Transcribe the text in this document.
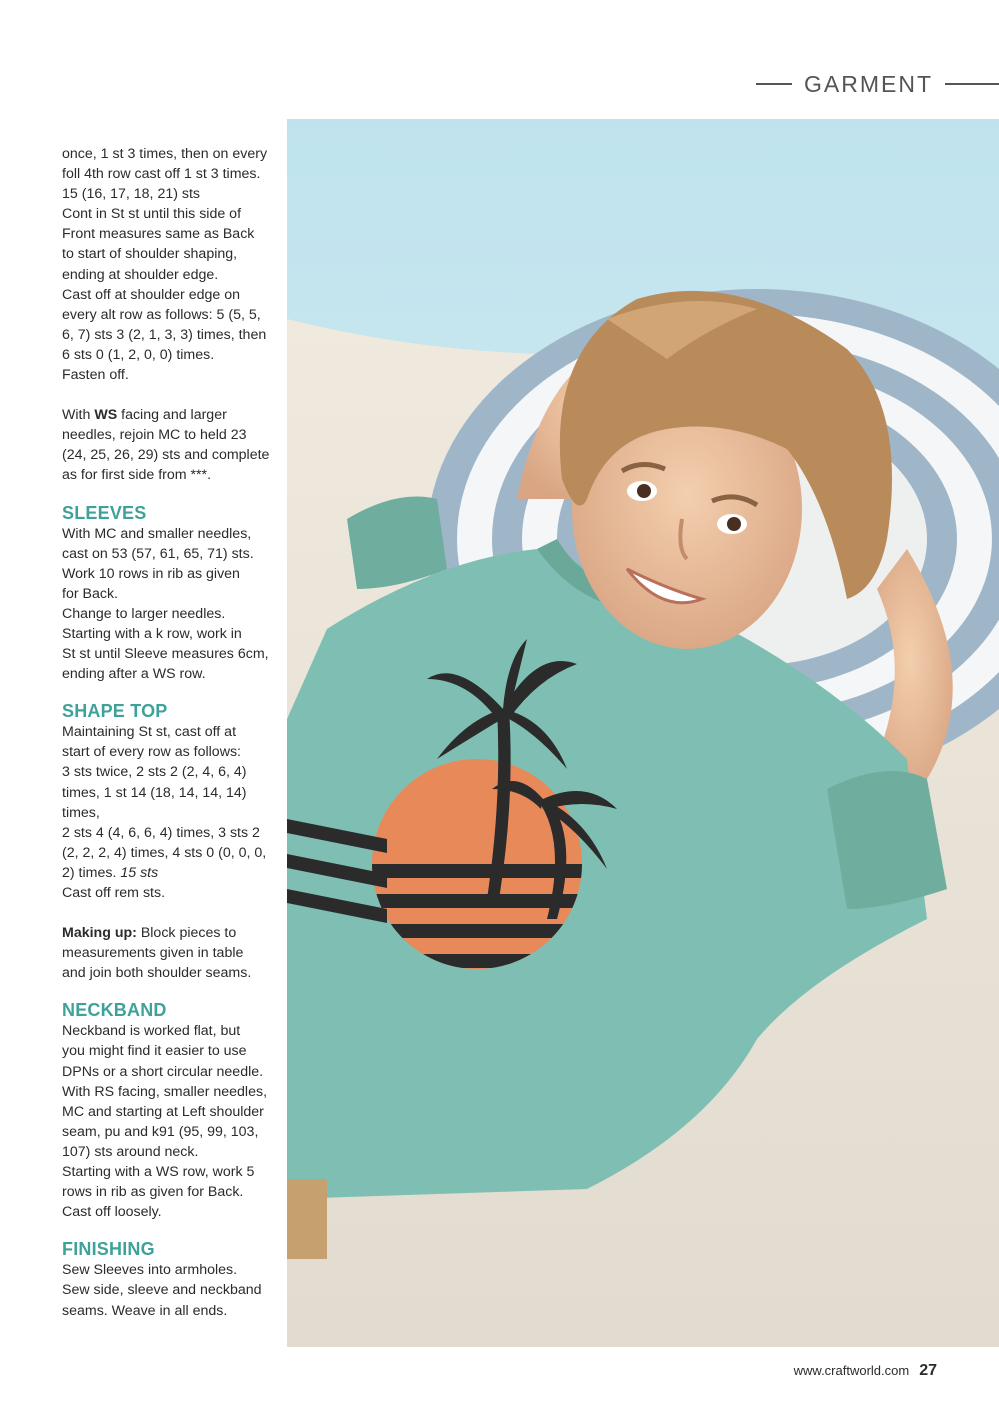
GARMENT

once, 1 st 3 times, then on every

foll 4th row cast off 1 st 3 times.

15 (16, 17, 18, 21) sts

Cont in St st until this side of

Front measures same as Back

to start of shoulder shaping,

ending at shoulder edge.

Cast off at shoulder edge on

every alt row as follows: 5 (5, 5,

6, 7) sts 3 (2, 1, 3, 3) times, then

6 sts 0 (1, 2, 0, 0) times.

Fasten off.

With WS facing and larger

needles, rejoin MC to held 23

(24, 25, 26, 29) sts and complete

as for first side from ***.

SLEEVES

With MC and smaller needles,

cast on 53 (57, 61, 65, 71) sts.

Work 10 rows in rib as given

for Back.

Change to larger needles.

Starting with a k row, work in

St st until Sleeve measures 6cm,

ending after a WS row.

SHAPE TOP

Maintaining St st, cast off at

start of every row as follows:

3 sts twice, 2 sts 2 (2, 4, 6, 4)

times, 1 st 14 (18, 14, 14, 14) times,

2 sts 4 (4, 6, 6, 4) times, 3 sts 2

(2, 2, 2, 4) times, 4 sts 0 (0, 0, 0,

2) times. 15 sts

Cast off rem sts.

Making up: Block pieces to

measurements given in table

and join both shoulder seams.

NECKBAND

Neckband is worked flat, but

you might find it easier to use

DPNs or a short circular needle.

With RS facing, smaller needles,

MC and starting at Left shoulder

seam, pu and k91 (95, 99, 103,

107) sts around neck.

Starting with a WS row, work 5

rows in rib as given for Back.

Cast off loosely.

FINISHING

Sew Sleeves into armholes.

Sew side, sleeve and neckband

seams. Weave in all ends.

www.craftworld.com 27
